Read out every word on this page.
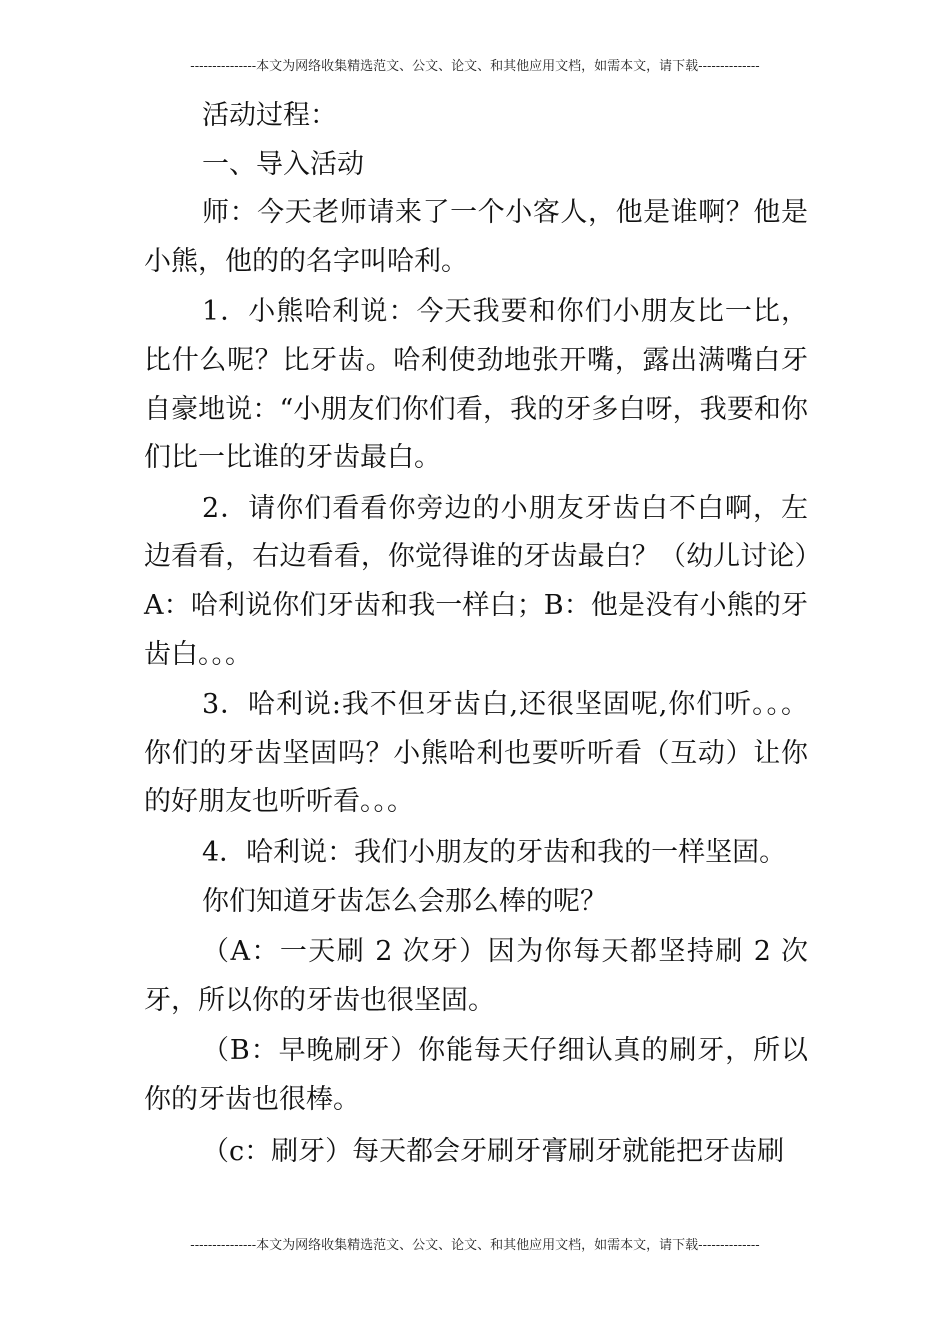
---------------本文为网络收集精选范文、公文、论文、和其他应用文档，如需本文，请下载--------------

活动过程：

一、导入活动

师：今天老师请来了一个小客人，他是谁啊？他是小熊，他的的名字叫哈利。

1．小熊哈利说：今天我要和你们小朋友比一比，比什么呢？比牙齿。哈利使劲地张开嘴，露出满嘴白牙自豪地说：“小朋友们你们看，我的牙多白呀，我要和你们比一比谁的牙齿最白。

2．请你们看看你旁边的小朋友牙齿白不白啊，左边看看，右边看看，你觉得谁的牙齿最白？（幼儿讨论）A：哈利说你们牙齿和我一样白；B：他是没有小熊的牙齿白。。。

3．哈利说:我不但牙齿白,还很坚固呢,你们听。。。你们的牙齿坚固吗？小熊哈利也要听听看（互动）让你的好朋友也听听看。。。

4．哈利说：我们小朋友的牙齿和我的一样坚固。

你们知道牙齿怎么会那么棒的呢？

（A：一天刷 2 次牙）因为你每天都坚持刷 2 次牙，所以你的牙齿也很坚固。

（B：早晚刷牙）你能每天仔细认真的刷牙，所以你的牙齿也很棒。

（c：刷牙）每天都会牙刷牙膏刷牙就能把牙齿刷

---------------本文为网络收集精选范文、公文、论文、和其他应用文档，如需本文，请下载--------------
